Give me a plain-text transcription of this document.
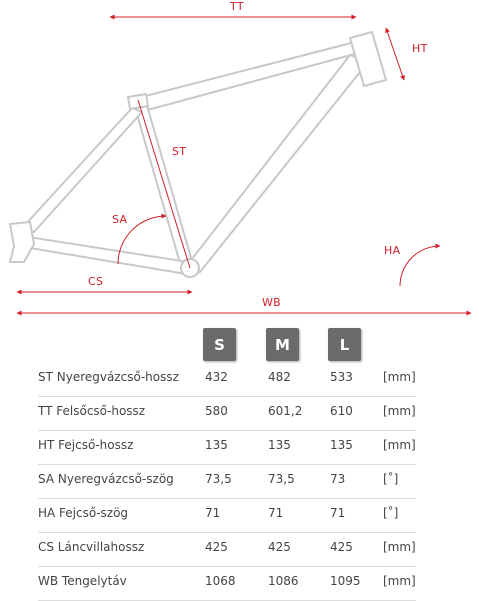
TT
HT
ST
SA
HA
CS
WB
S	M	L
ST Nyeregvázcső-hossz 432	482	533	[mm]
TT Felsőcső-hossz	580	601,2 610	[mm]
HT Fejcső-hossz	135	135	135	[mm]
SA Nyeregvázcső-szög	73,5	73,5	73	[˚]
HA Fejcső-szög	71	71	71	[˚]
CS Láncvillahossz	425	425	425	[mm]
WB Tengelytáv	1068	1086	1095 [mm]
